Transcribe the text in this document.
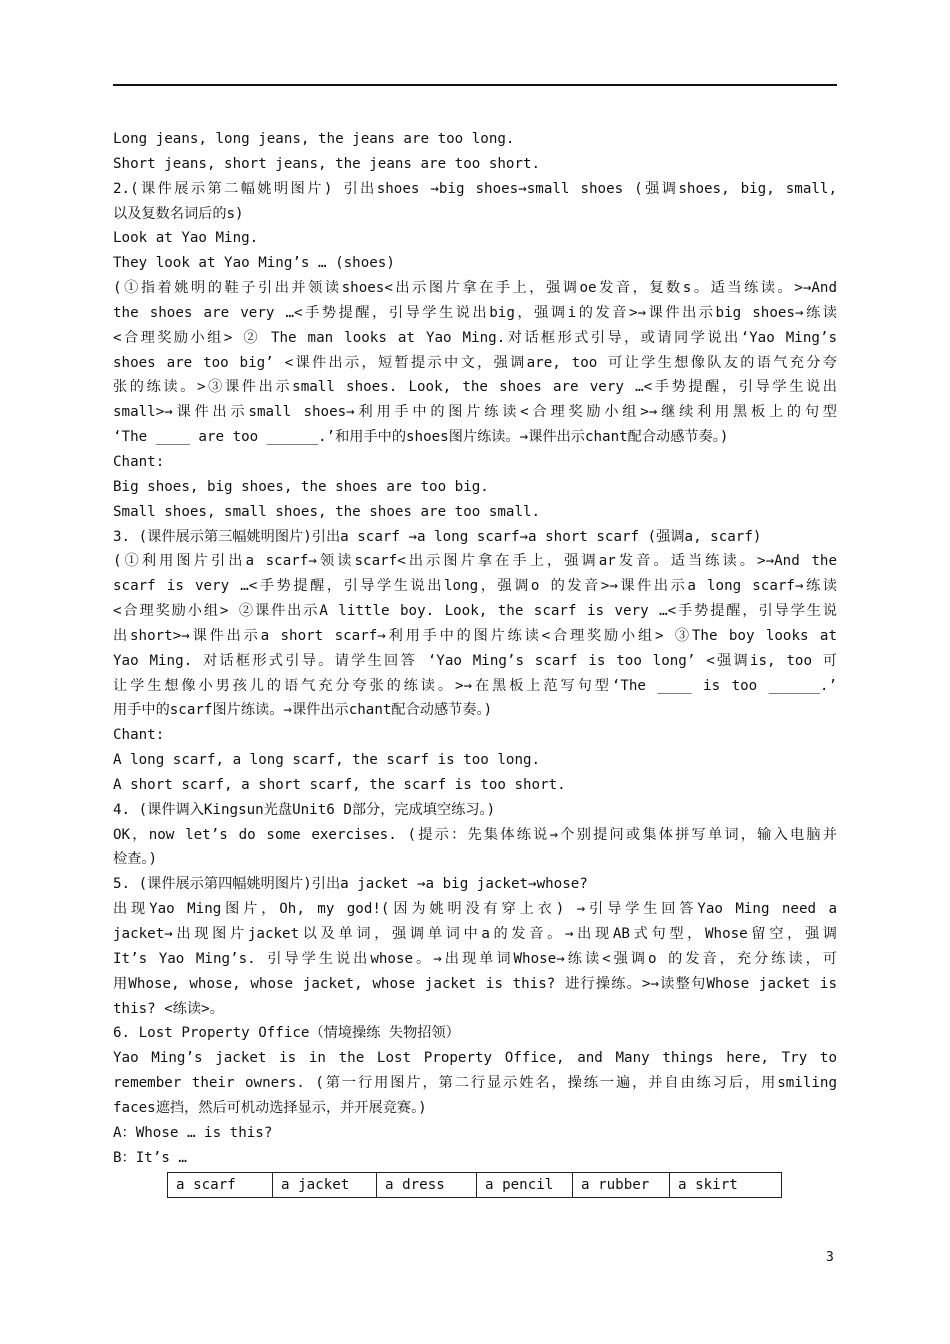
Long jeans, long jeans, the jeans are too long.
Short jeans, short jeans, the jeans are too short.
2.(课件展示第二幅姚明图片) 引出shoes →big shoes→small shoes (强调shoes, big, small,
以及复数名词后的s)
Look at Yao Ming.
They look at Yao Ming’s … (shoes)
(①指着姚明的鞋子引出并领读shoes<出示图片拿在手上，强调oe发音，复数s。适当练读。>→And
the shoes are very …<手势提醒，引导学生说出big，强调i的发音>→课件出示big shoes→练读
<合理奖励小组> ② The man looks at Yao Ming.对话框形式引导，或请同学说出‘Yao Ming’s
shoes are too big’ <课件出示，短暂提示中文，强调are, too 可让学生想像队友的语气充分夸
张的练读。>③课件出示small shoes. Look, the shoes are very …<手势提醒，引导学生说出
small>→课件出示small shoes→利用手中的图片练读<合理奖励小组>→继续利用黑板上的句型
‘The ____ are too ______.’和用手中的shoes图片练读。→课件出示chant配合动感节奏。)
Chant:
Big shoes, big shoes, the shoes are too big.
Small shoes, small shoes, the shoes are too small.
3. (课件展示第三幅姚明图片)引出a scarf →a long scarf→a short scarf (强调a, scarf)
(①利用图片引出a scarf→领读scarf<出示图片拿在手上，强调ar发音。适当练读。>→And the
scarf is very …<手势提醒，引导学生说出long，强调o 的发音>→课件出示a long scarf→练读
<合理奖励小组> ②课件出示A little boy. Look, the scarf is very …<手势提醒，引导学生说
出short>→课件出示a short scarf→利用手中的图片练读<合理奖励小组> ③The boy looks at
Yao Ming. 对话框形式引导。请学生回答 ‘Yao Ming’s scarf is too long’ <强调is, too 可
让学生想像小男孩儿的语气充分夸张的练读。>→在黑板上范写句型‘The ____ is too ______.’
用手中的scarf图片练读。→课件出示chant配合动感节奏。)
Chant:
A long scarf, a long scarf, the scarf is too long.
A short scarf, a short scarf, the scarf is too short.
4. (课件调入Kingsun光盘Unit6 D部分，完成填空练习。)
OK，now let’s do some exercises. (提示：先集体练说→个别提问或集体拼写单词，输入电脑并
检查。)
5. (课件展示第四幅姚明图片)引出a jacket →a big jacket→whose?
出现Yao Ming图片，Oh, my god!(因为姚明没有穿上衣) →引导学生回答Yao Ming need a
jacket→出现图片jacket以及单词，强调单词中a的发音。→出现AB式句型，Whose留空，强调
It’s Yao Ming’s. 引导学生说出whose。→出现单词Whose→练读<强调o 的发音，充分练读，可
用Whose, whose, whose jacket, whose jacket is this? 进行操练。>→读整句Whose jacket is
this? <练读>。
6. Lost Property Office（情境操练 失物招领）
Yao Ming’s jacket is in the Lost Property Office, and Many things here, Try to
remember their owners. (第一行用图片，第二行显示姓名，操练一遍，并自由练习后，用smiling
faces遮挡，然后可机动选择显示，并开展竞赛。)
A：Whose … is this?
B：It’s …
a scarf	a jacket	a dress	a pencil	a rubber	a skirt
3
